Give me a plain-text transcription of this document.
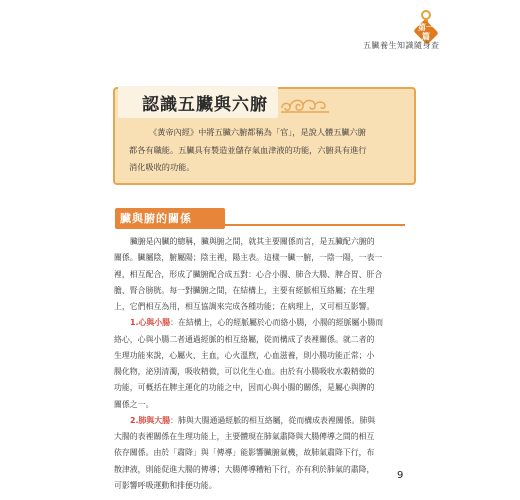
第一
篇
五臟養生知識隨身查
認識五臟與六腑

《黃帝內經》中將五臟六腑都稱為「官」，是說人體五臟六腑

都各有職能。五臟具有製造並儲存氣血津液的功能，六腑具有進行

消化吸收的功能。

臟與腑的關係
臟腑是內臟的總稱，臟與腑之間，就其主要關係而言，是五臟配六腑的
關係。臟屬陰，腑屬陽；陰主裡，陽主表。這樣一臟一腑，一陰一陽，一表一
裡，相互配合，形成了臟腑配合成五對：心合小腸、肺合大腸、脾合胃、肝合
膽、腎合膀胱。每一對臟腑之間，在結構上，主要有經脈相互絡屬；在生理
上，它們相互為用，相互協調來完成各種功能；在病理上，又可相互影響。
1.心與小腸：在結構上，心的經脈屬於心而絡小腸，小腸的經脈屬小腸而
絡心，心與小腸二者通過經脈的相互絡屬，從而構成了表裡關係。就二者的
生理功能來說，心屬火、主血，心火溫煦，心血滋養，則小腸功能正常；小
腸化物，泌別清濁，吸收精微，可以化生心血。由於有小腸吸收水穀精微的
功能，可概括在脾主運化的功能之中，因而心與小腸的關係，是屬心與脾的
關係之一。
2.肺與大腸：肺與大腸通過經脈的相互絡屬，從而構成表裡關係。肺與
大腸的表裡關係在生理功能上，主要體現在肺氣肅降與大腸傳導之間的相互
依存關係。由於「肅降」與「傳導」能影響臟腑氣機，故肺氣肅降下行，布
散津液，則能促進大腸的傳導；大腸傳導糟粕下行，亦有利於肺氣的肅降，
可影響呼吸運動和排便功能。
9
